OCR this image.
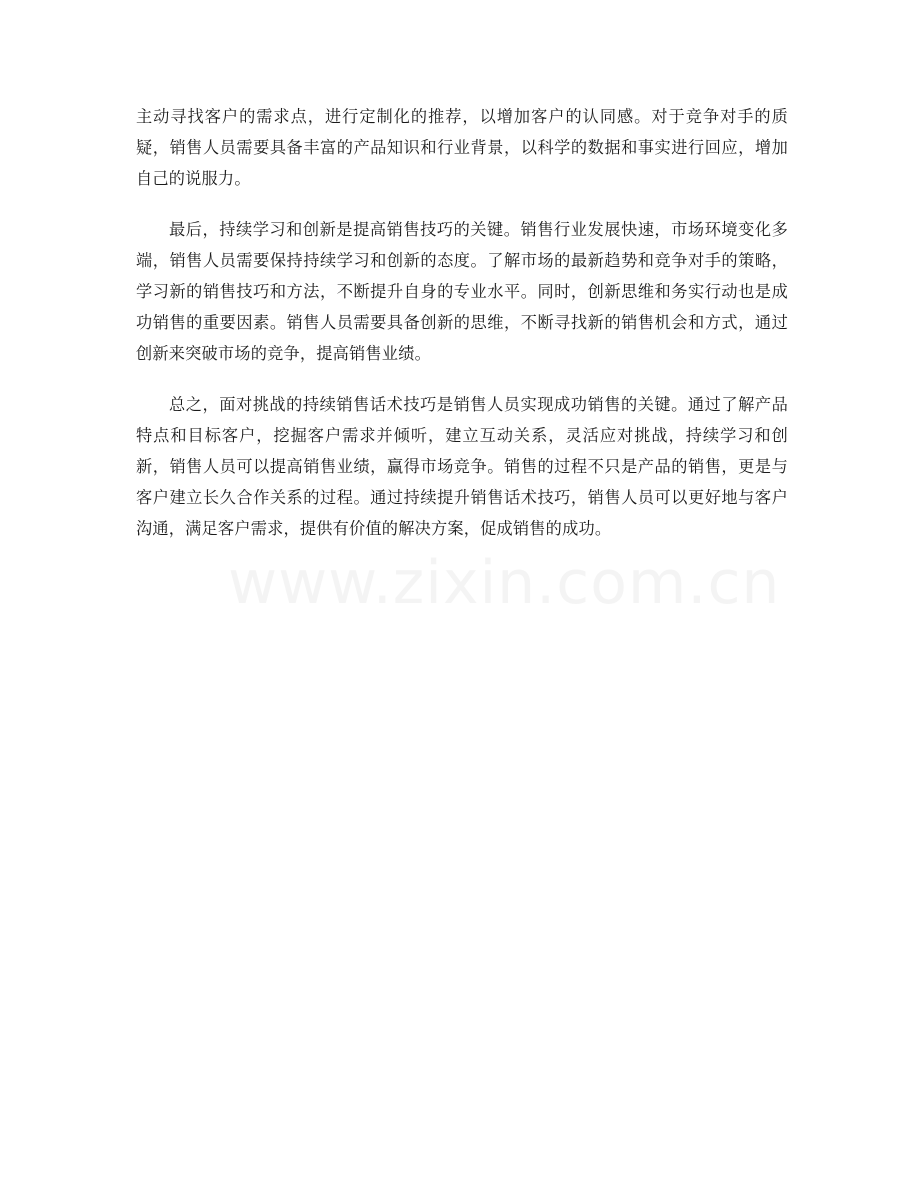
主动寻找客户的需求点，进行定制化的推荐，以增加客户的认同感。对于竞争对手的质疑，销售人员需要具备丰富的产品知识和行业背景，以科学的数据和事实进行回应，增加自己的说服力。

最后，持续学习和创新是提高销售技巧的关键。销售行业发展快速，市场环境变化多端，销售人员需要保持持续学习和创新的态度。了解市场的最新趋势和竞争对手的策略，学习新的销售技巧和方法，不断提升自身的专业水平。同时，创新思维和务实行动也是成功销售的重要因素。销售人员需要具备创新的思维，不断寻找新的销售机会和方式，通过创新来突破市场的竞争，提高销售业绩。

总之，面对挑战的持续销售话术技巧是销售人员实现成功销售的关键。通过了解产品特点和目标客户，挖掘客户需求并倾听，建立互动关系，灵活应对挑战，持续学习和创新，销售人员可以提高销售业绩，赢得市场竞争。销售的过程不只是产品的销售，更是与客户建立长久合作关系的过程。通过持续提升销售话术技巧，销售人员可以更好地与客户沟通，满足客户需求，提供有价值的解决方案，促成销售的成功。

www.zixin.com.cn
